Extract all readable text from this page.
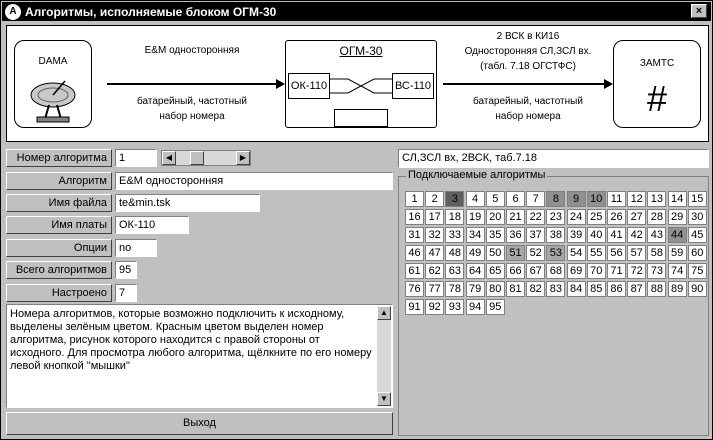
А Алгоритмы, исполняемые блоком ОГМ-30	×
DAMA
E&M односторонняя
батарейный, частотный
набор номера
ОГМ-30
ОК-110	ВС-110
2 ВСК в КИ16
Односторонняя СЛ,ЗСЛ вх.
(табл. 7.18 ОГСТФС)
батарейный, частотный
набор номера
ЗАМТС
#
Номер алгоритма	1	◀	▶
Алгоритм	E&M односторонняя
Имя файла	te&min.tsk
Имя платы	ОК-110
Опции	no
Всего алгоритмов	95
Настроено	7
Номера алгоритмов, которые возможно подключить к исходному, выделены зелёным цветом. Красным цветом выделен номер алгоритма, рисунок которого находится с правой стороны от исходного. Для просмотра любого алгоритма, щёлкните по его номеру левой кнопкой "мышки"
▲
▼
Выход
СЛ,ЗСЛ вх, 2ВСК, таб.7.18
Подключаемые алгоритмы
1	2	3	4	5	6	7	8	9	10 11 12 13 14 15
16 17 18 19 20 21 22 23 24 25 26 27 28 29 30
31 32 33 34 35 36 37 38 39 40 41 42 43 44 45
46 47 48 49 50 51 52 53 54 55 56 57 58 59 60
61 62 63 64 65 66 67 68 69 70 71 72 73 74 75
76 77 78 79 80 81 82 83 84 85 86 87 88 89 90
91 92 93 94 95
